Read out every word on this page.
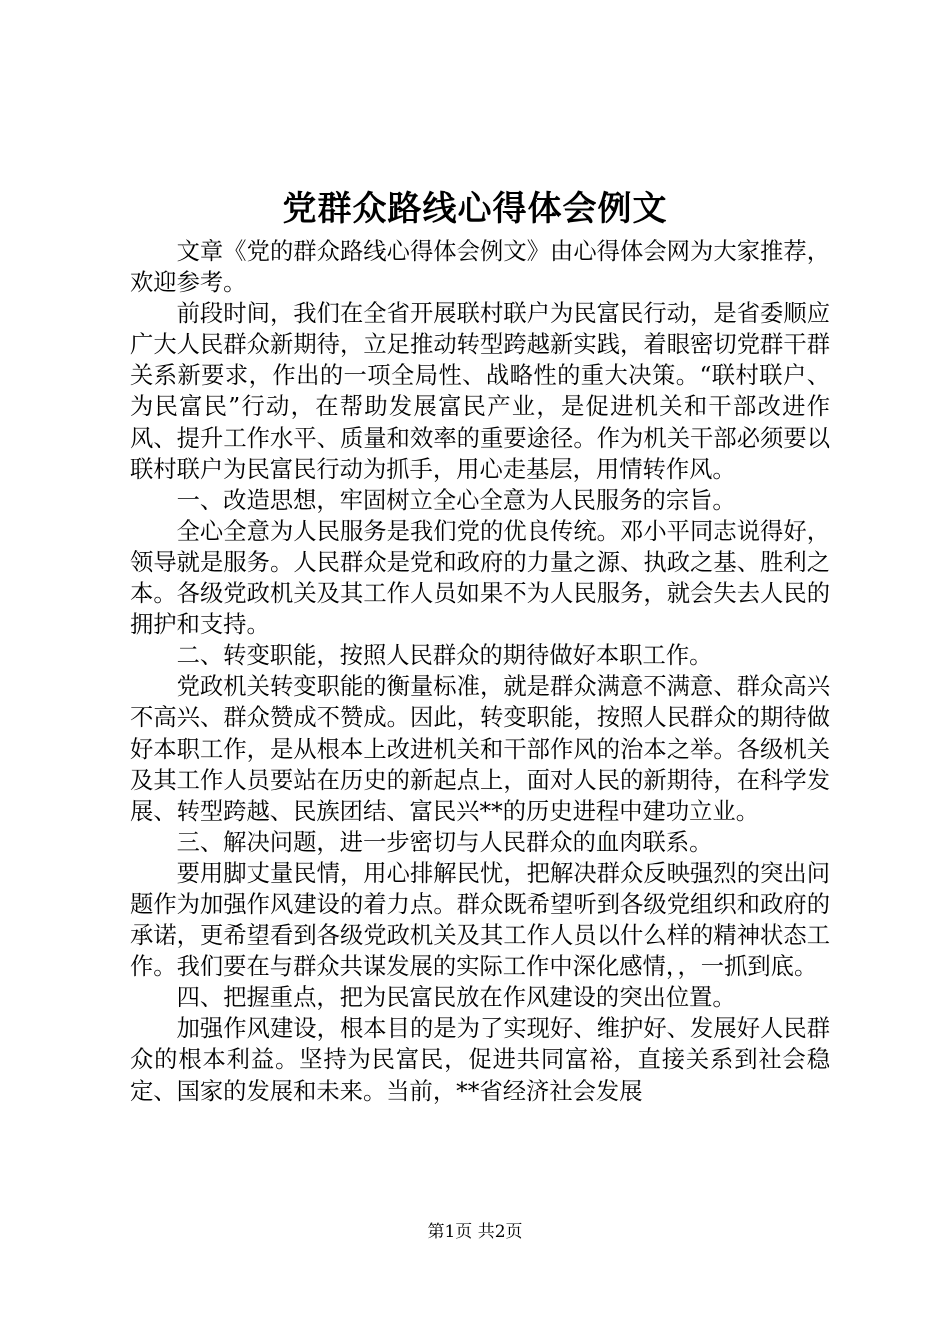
党群众路线心得体会例文

文章《党的群众路线心得体会例文》由心得体会网为大家推荐，欢迎参考。

前段时间，我们在全省开展联村联户为民富民行动，是省委顺应广大人民群众新期待，立足推动转型跨越新实践，着眼密切党群干群关系新要求，作出的一项全局性、战略性的重大决策。“联村联户、为民富民”行动，在帮助发展富民产业，是促进机关和干部改进作风、提升工作水平、质量和效率的重要途径。作为机关干部必须要以联村联户为民富民行动为抓手，用心走基层，用情转作风。

一、改造思想，牢固树立全心全意为人民服务的宗旨。

全心全意为人民服务是我们党的优良传统。邓小平同志说得好，领导就是服务。人民群众是党和政府的力量之源、执政之基、胜利之本。各级党政机关及其工作人员如果不为人民服务，就会失去人民的拥护和支持。

二、转变职能，按照人民群众的期待做好本职工作。

党政机关转变职能的衡量标准，就是群众满意不满意、群众高兴不高兴、群众赞成不赞成。因此，转变职能，按照人民群众的期待做好本职工作，是从根本上改进机关和干部作风的治本之举。各级机关及其工作人员要站在历史的新起点上，面对人民的新期待，在科学发展、转型跨越、民族团结、富民兴**的历史进程中建功立业。

三、解决问题，进一步密切与人民群众的血肉联系。

要用脚丈量民情，用心排解民忧，把解决群众反映强烈的突出问题作为加强作风建设的着力点。群众既希望听到各级党组织和政府的承诺，更希望看到各级党政机关及其工作人员以什么样的精神状态工作。我们要在与群众共谋发展的实际工作中深化感情，，一抓到底。

四、把握重点，把为民富民放在作风建设的突出位置。

加强作风建设，根本目的是为了实现好、维护好、发展好人民群众的根本利益。坚持为民富民，促进共同富裕，直接关系到社会稳定、国家的发展和未来。当前，**省经济社会发展

第1页 共2页
